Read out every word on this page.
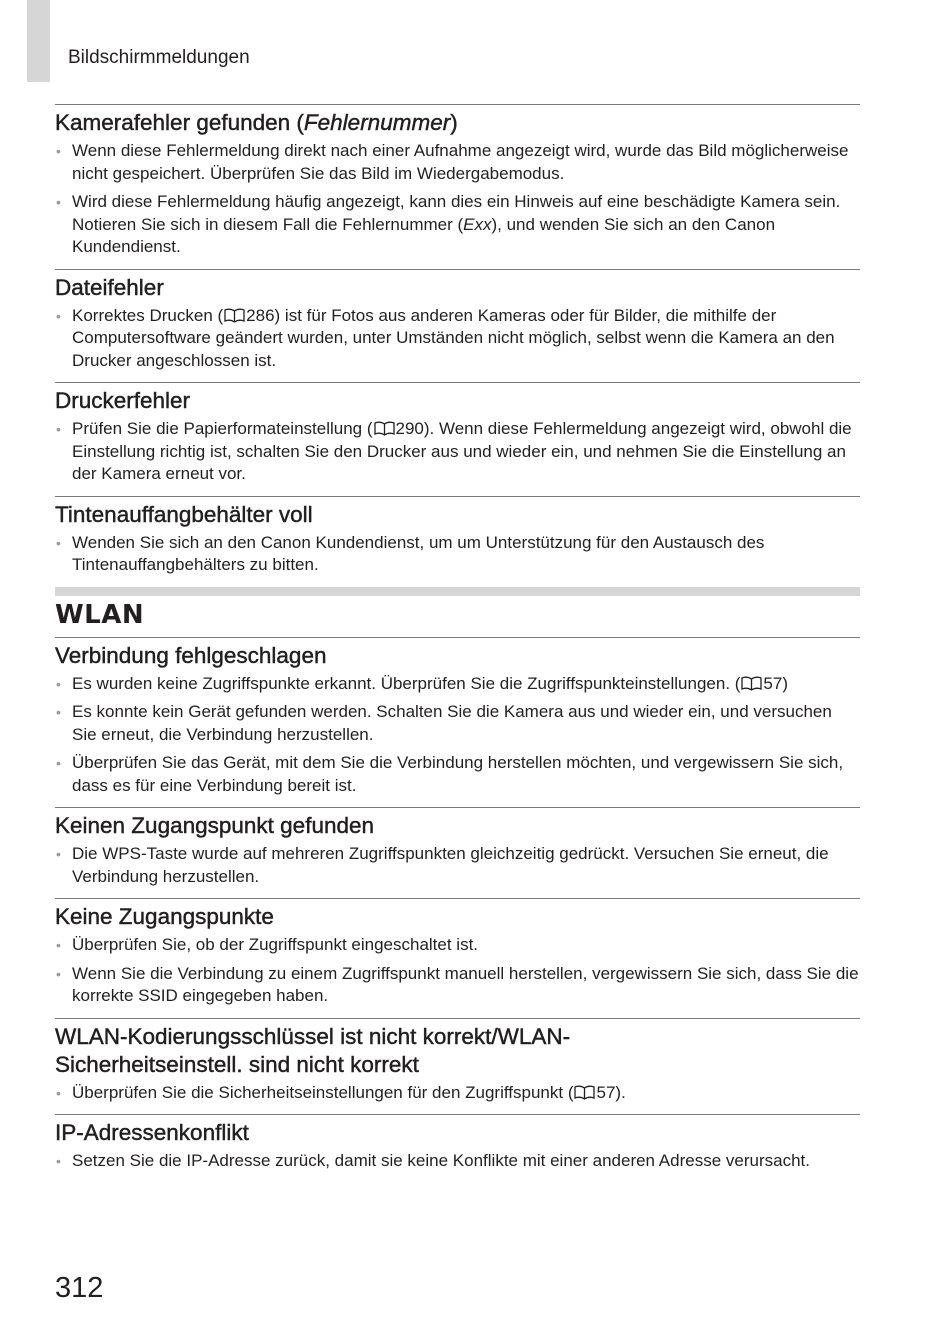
Bildschirmmeldungen
Kamerafehler gefunden (Fehlernummer)
• Wenn diese Fehlermeldung direkt nach einer Aufnahme angezeigt wird, wurde das Bild möglicherweise nicht gespeichert. Überprüfen Sie das Bild im Wiedergabemodus.
• Wird diese Fehlermeldung häufig angezeigt, kann dies ein Hinweis auf eine beschädigte Kamera sein. Notieren Sie sich in diesem Fall die Fehlernummer (Exx), und wenden Sie sich an den Canon Kundendienst.
Dateifehler
• Korrektes Drucken ( 286) ist für Fotos aus anderen Kameras oder für Bilder, die mithilfe der Computersoftware geändert wurden, unter Umständen nicht möglich, selbst wenn die Kamera an den Drucker angeschlossen ist.
Druckerfehler
• Prüfen Sie die Papierformateinstellung ( 290). Wenn diese Fehlermeldung angezeigt wird, obwohl die Einstellung richtig ist, schalten Sie den Drucker aus und wieder ein, und nehmen Sie die Einstellung an der Kamera erneut vor.
Tintenauffangbehälter voll
• Wenden Sie sich an den Canon Kundendienst, um um Unterstützung für den Austausch des Tintenauffangbehälters zu bitten.
WLAN
Verbindung fehlgeschlagen
• Es wurden keine Zugriffspunkte erkannt. Überprüfen Sie die Zugriffspunkteinstellungen. ( 57)
• Es konnte kein Gerät gefunden werden. Schalten Sie die Kamera aus und wieder ein, und versuchen Sie erneut, die Verbindung herzustellen.
• Überprüfen Sie das Gerät, mit dem Sie die Verbindung herstellen möchten, und vergewissern Sie sich, dass es für eine Verbindung bereit ist.
Keinen Zugangspunkt gefunden
• Die WPS-Taste wurde auf mehreren Zugriffspunkten gleichzeitig gedrückt. Versuchen Sie erneut, die Verbindung herzustellen.
Keine Zugangspunkte
• Überprüfen Sie, ob der Zugriffspunkt eingeschaltet ist.
• Wenn Sie die Verbindung zu einem Zugriffspunkt manuell herstellen, vergewissern Sie sich, dass Sie die korrekte SSID eingegeben haben.
WLAN-Kodierungsschlüssel ist nicht korrekt/WLAN-
Sicherheitseinstell. sind nicht korrekt
• Überprüfen Sie die Sicherheitseinstellungen für den Zugriffspunkt ( 57).
IP-Adressenkonflikt
• Setzen Sie die IP-Adresse zurück, damit sie keine Konflikte mit einer anderen Adresse verursacht.
312
